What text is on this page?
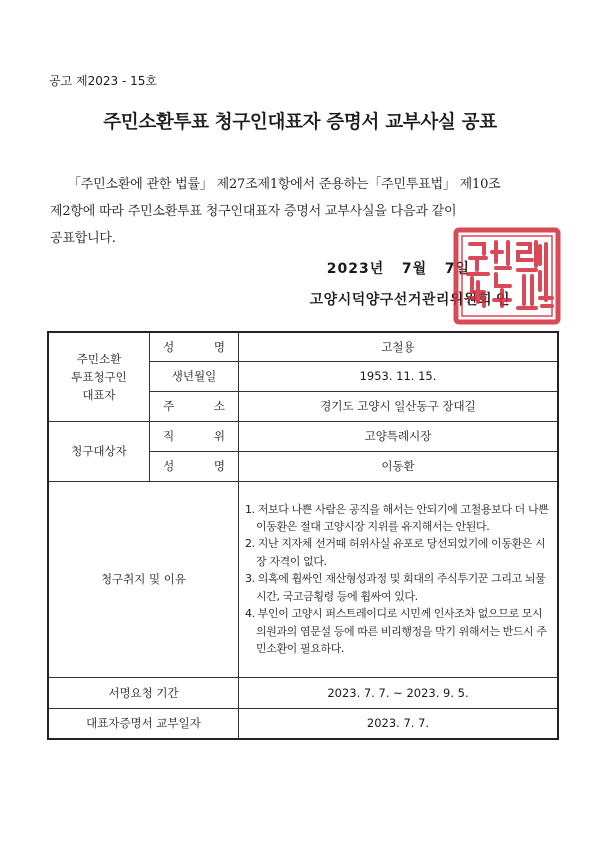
공고 제2023 - 15호
주민소환투표 청구인대표자 증명서 교부사실 공표
「주민소환에 관한 법률」 제27조제1항에서 준용하는「주민투표법」 제10조
제2항에 따라 주민소환투표 청구인대표자 증명서 교부사실을 다음과 같이
공표합니다.
2023년   7월   7일
고양시덕양구선거관리위원회 인
주민소환
투표청구인
대표자	성 명	고철용
	생년월일	1953. 11. 15.
	주 소	경기도 고양시 일산동구 장대길
청구대상자	직 위	고양특례시장
	성 명	이동환
청구취지 및 이유		1. 저보다 나쁜 사람은 공직을 해서는 안되기에 고철용보다 더 나쁜 이동환은 절대 고양시장 지위를 유지해서는 안된다.
2. 지난 지자체 선거때 허위사실 유포로 당선되었기에 이동환은 시장 자격이 없다.
3. 의혹에 휩싸인 재산형성과정 및 회대의 주식투기꾼 그리고 뇌물시간, 국고금횡령 등에 휩싸여 있다.
4. 부인이 고양시 퍼스트레이디로 시민께 인사조차 없으므로 모시의원과의 염문설 등에 따른 비리행정을 막기 위해서는 반드시 주민소환이 필요하다.

서명요청 기간		2023. 7. 7. ~ 2023. 9. 5.
대표자증명서 교부일자		2023. 7. 7.
